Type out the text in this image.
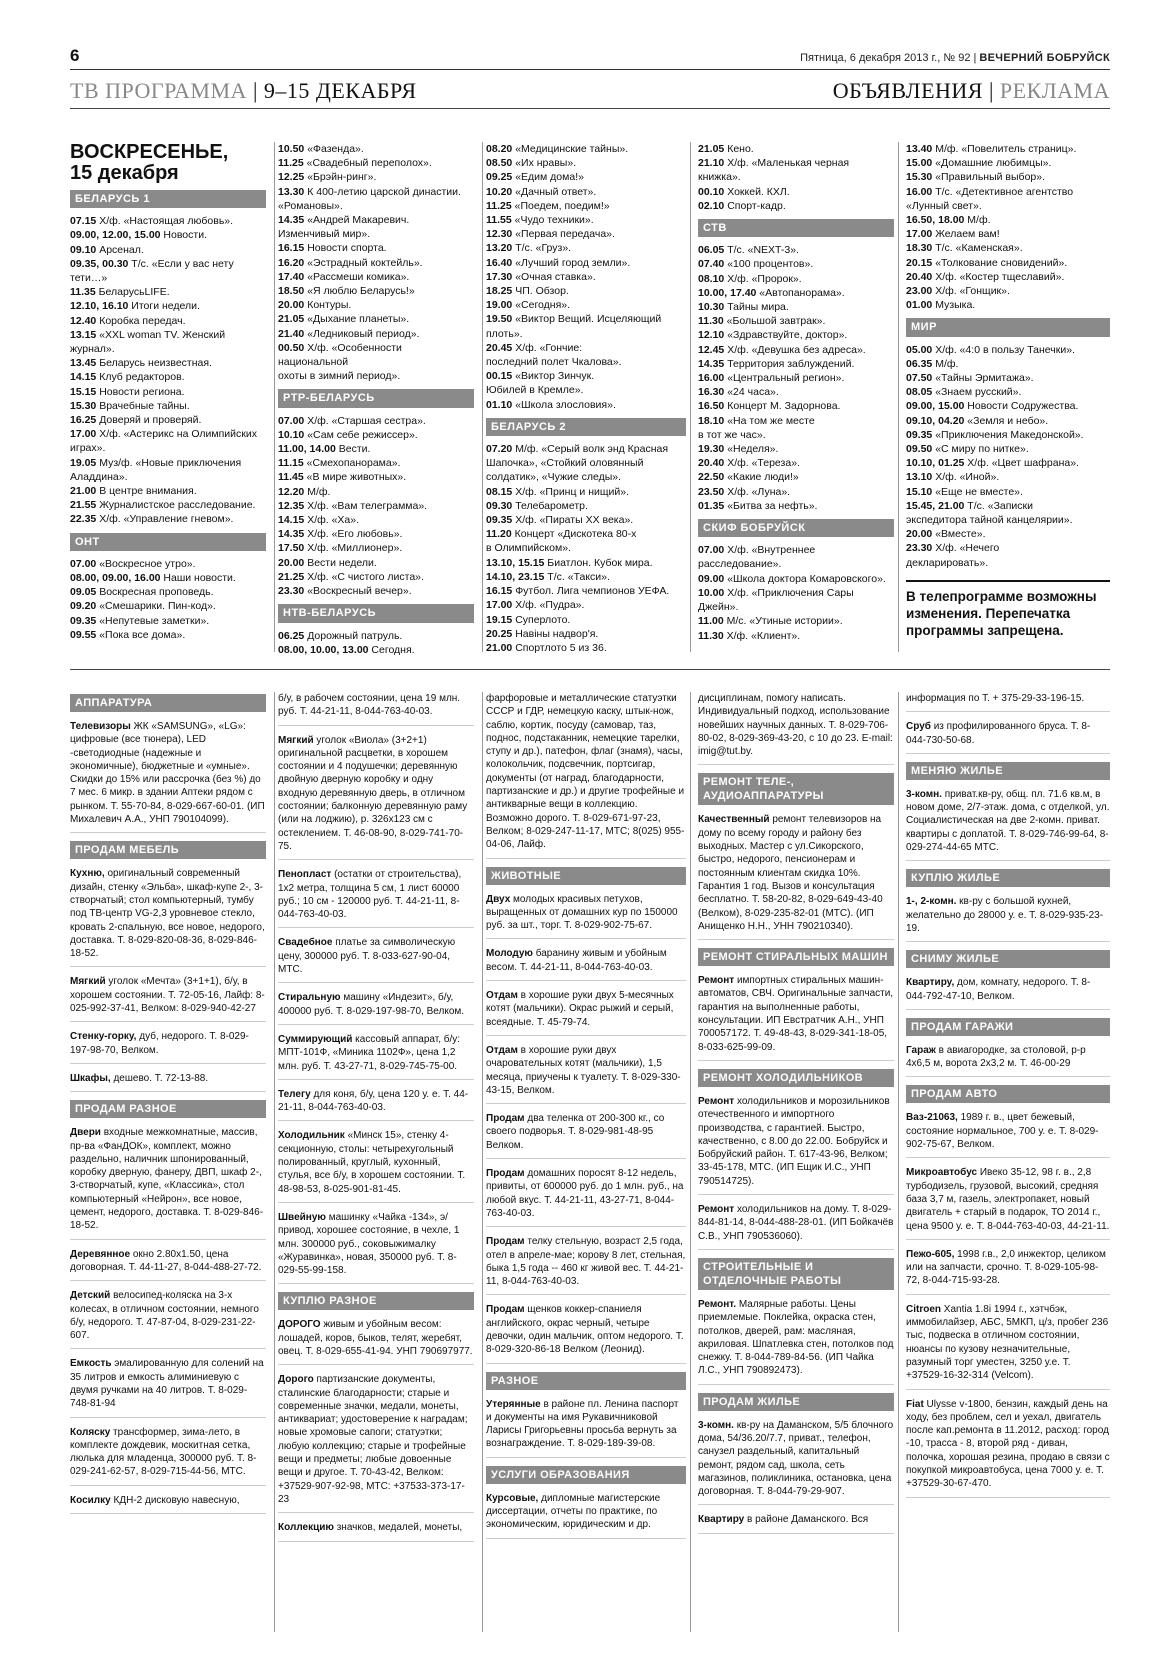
6	Пятница, 6 декабря 2013 г., № 92 | ВЕЧЕРНИЙ БОБРУЙСК
ТВ ПРОГРАММА | 9–15 ДЕКАБРЯ	ОБЪЯВЛЕНИЯ | РЕКЛАМА
ВОСКРЕСЕНЬЕ,
15 декабря
БЕЛАРУСЬ 1
07.15 Х/ф. «Настоящая любовь».
09.00, 12.00, 15.00 Новости.
09.10 Арсенал.
09.35, 00.30 Т/с. «Если у вас нету
тети…»
11.35 БеларусьLIFE.
12.10, 16.10 Итоги недели.
12.40 Коробка передач.
13.15 «XXL woman TV. Женский
журнал».
13.45 Беларусь неизвестная.
14.15 Клуб редакторов.
15.15 Новости региона.
15.30 Врачебные тайны.
16.25 Доверяй и проверяй.
17.00 Х/ф. «Астерикс на Олимпийских
играх».
19.05 Муз/ф. «Новые приключения
Аладдина».
21.00 В центре внимания.
21.55 Журналистское расследование.
22.35 Х/ф. «Управление гневом».
ОНТ
07.00 «Воскресное утро».
08.00, 09.00, 16.00 Наши новости.
09.05 Воскресная проповедь.
09.20 «Смешарики. Пин-код».
09.35 «Непутевые заметки».
09.55 «Пока все дома».
10.50 «Фазенда».
11.25 «Свадебный переполох».
12.25 «Брэйн-ринг».
13.30 К 400-летию царской династии.
«Романовы».
14.35 «Андрей Макаревич.
Изменчивый мир».
16.15 Новости спорта.
16.20 «Эстрадный коктейль».
17.40 «Рассмеши комика».
18.50 «Я люблю Беларусь!»
20.00 Контуры.
21.05 «Дыхание планеты».
21.40 «Ледниковый период».
00.50 Х/ф. «Особенности национальной
охоты в зимний период».
РТР-БЕЛАРУСЬ
07.00 Х/ф. «Старшая сестра».
10.10 «Сам себе режиссер».
11.00, 14.00 Вести.
11.15 «Смехопанорама».
11.45 «В мире животных».
12.20 М/ф.
12.35 Х/ф. «Вам телеграмма».
14.15 Х/ф. «Ха».
14.35 Х/ф. «Его любовь».
17.50 Х/ф. «Миллионер».
20.00 Вести недели.
21.25 Х/ф. «С чистого листа».
23.30 «Воскресный вечер».
НТВ-БЕЛАРУСЬ
06.25 Дорожный патруль.
08.00, 10.00, 13.00 Сегодня.
08.20 «Медицинские тайны».
08.50 «Их нравы».
09.25 «Едим дома!»
10.20 «Дачный ответ».
11.25 «Поедем, поедим!»
11.55 «Чудо техники».
12.30 «Первая передача».
13.20 Т/с. «Груз».
16.40 «Лучший город земли».
17.30 «Очная ставка».
18.25 ЧП. Обзор.
19.00 «Сегодня».
19.50 «Виктор Вещий. Исцеляющий
плоть».
20.45 Х/ф. «Гончие:
последний полет Чкалова».
00.15 «Виктор Зинчук.
Юбилей в Кремле».
01.10 «Школа злословия».
БЕЛАРУСЬ 2
07.20 М/ф. «Серый волк энд Красная
Шапочка», «Стойкий оловянный
солдатик», «Чужие следы».
08.15 Х/ф. «Принц и нищий».
09.30 Телебарометр.
09.35 Х/ф. «Пираты XX века».
11.20 Концерт «Дискотека 80-х
в Олимпийском».
13.10, 15.15 Биатлон. Кубок мира.
14.10, 23.15 Т/с. «Такси».
16.15 Футбол. Лига чемпионов УЕФА.
17.00 Х/ф. «Пудра».
19.15 Суперлото.
20.25 Навіны надвор'я.
21.00 Спортлото 5 из 36.
21.05 Кено.
21.10 Х/ф. «Маленькая черная
книжка».
00.10 Хоккей. КХЛ.
02.10 Спорт-кадр.
СТВ
06.05 Т/с. «NEXT-3».
07.40 «100 процентов».
08.10 Х/ф. «Пророк».
10.00, 17.40 «Автопанорама».
10.30 Тайны мира.
11.30 «Большой завтрак».
12.10 «Здравствуйте, доктор».
12.45 Х/ф. «Девушка без адреса».
14.35 Территория заблуждений.
16.00 «Центральный регион».
16.30 «24 часа».
16.50 Концерт М. Задорнова.
18.10 «На том же месте
в тот же час».
19.30 «Неделя».
20.40 Х/ф. «Тереза».
22.50 «Какие люди!»
23.50 Х/ф. «Луна».
01.35 «Битва за нефть».
СКИФ БОБРУЙСК
07.00 Х/ф. «Внутреннее
расследование».
09.00 «Школа доктора Комаровского».
10.00 Х/ф. «Приключения Сары
Джейн».
11.00 М/с. «Утиные истории».
11.30 Х/ф. «Клиент».
13.40 М/ф. «Повелитель страниц».
15.00 «Домашние любимцы».
15.30 «Правильный выбор».
16.00 Т/с. «Детективное агентство
«Лунный свет».
16.50, 18.00 М/ф.
17.00 Желаем вам!
18.30 Т/с. «Каменская».
20.15 «Толкование сновидений».
20.40 Х/ф. «Костер тщеславий».
23.00 Х/ф. «Гонщик».
01.00 Музыка.
МИР
05.00 Х/ф. «4:0 в пользу Танечки».
06.35 М/ф.
07.50 «Тайны Эрмитажа».
08.05 «Знаем русский».
09.00, 15.00 Новости Содружества.
09.10, 04.20 «Земля и небо».
09.35 «Приключения Македонской».
09.50 «С миру по нитке».
10.10, 01.25 Х/ф. «Цвет шафрана».
13.10 Х/ф. «Иной».
15.10 «Еще не вместе».
15.45, 21.00 Т/с. «Записки
экспедитора тайной канцелярии».
20.00 «Вместе».
23.30 Х/ф. «Нечего
декларировать».
В телепрограмме возможны изменения. Перепечатка программы запрещена.
АППАРАТУРА
Телевизоры ЖК «SAMSUNG», «LG»: цифровые (все тюнера), LED -светодиодные (надежные и экономичные), бюджетные и «умные». Скидки до 15% или рассрочка (без %) до 7 мес. 6 микр. в здании Аптеки рядом с рынком. Т. 55-70-84, 8-029-667-60-01. (ИП Михалевич А.А., УНП 790104099).
ПРОДАМ МЕБЕЛЬ
Кухню, оригинальный современный дизайн, стенку «Эльба», шкаф-купе 2-, 3-створчатый; стол компьютерный, тумбу под ТВ-центр VG-2,3 уровневое стекло, кровать 2-спальную, все новое, недорого, доставка. Т. 8-029-820-08-36, 8-029-846-18-52.
Мягкий уголок «Мечта» (3+1+1), б/у, в хорошем состоянии. Т. 72-05-16, Лайф: 8-025-992-37-41, Велком: 8-029-940-42-27
Стенку-горку, дуб, недорого. Т. 8-029-197-98-70, Велком.
Шкафы, дешево. Т. 72-13-88.
ПРОДАМ РАЗНОЕ
Двери входные межкомнатные, массив, пр-ва «ФанДОК», комплект, можно раздельно, наличник шпонированный, коробку дверную, фанеру, ДВП, шкаф 2-, 3-створчатый, купе, «Классика», стол компьютерный «Нейрон», все новое, цемент, недорого, доставка. Т. 8-029-846-18-52.
Деревянное окно 2.80х1.50, цена договорная. Т. 44-11-27, 8-044-488-27-72.
Детский велосипед-коляска на 3-х колесах, в отличном состоянии, немного б/у, недорого. Т. 47-87-04, 8-029-231-22-607.
Емкость эмалированную для солений на 35 литров и емкость алиминиевую с двумя ручками на 40 литров. Т. 8-029-748-81-94
Коляску трансформер, зима-лето, в комплекте дождевик, москитная сетка, люлька для младенца, 300000 руб. Т. 8-029-241-62-57, 8-029-715-44-56, МТС.
Косилку КДН-2 дисковую навесную,
б/у, в рабочем состоянии, цена 19 млн. руб. Т. 44-21-11, 8-044-763-40-03.
Мягкий уголок «Виола» (3+2+1) оригинальной расцветки, в хорошем состоянии и 4 подушечки; деревянную двойную дверную коробку и одну входную деревянную дверь, в отличном состоянии; балконную деревянную раму (или на лоджию), р. 326х123 см с остеклением. Т. 46-08-90, 8-029-741-70-75.
Пенопласт (остатки от строительства), 1х2 метра, толщина 5 см, 1 лист 60000 руб.; 10 см - 120000 руб. Т. 44-21-11, 8-044-763-40-03.
Свадебное платье за символическую цену, 300000 руб. Т. 8-033-627-90-04, МТС.
Стиральную машину «Индезит», б/у, 400000 руб. Т. 8-029-197-98-70, Велком.
Суммирующий кассовый аппарат, б/у: МПТ-101Ф, «Миника 1102Ф», цена 1,2 млн. руб. Т. 43-27-71, 8-029-745-75-00.
Телегу для коня, б/у, цена 120 у. е. Т. 44-21-11, 8-044-763-40-03.
Холодильник «Минск 15», стенку 4-секционную, столы: четырехугольный полированный, круглый, кухонный, стулья, все б/у, в хорошем состоянии. Т. 48-98-53, 8-025-901-81-45.
Швейную машинку «Чайка -134», э/привод, хорошее состояние, в чехле, 1 млн. 300000 руб., соковыжималку «Журавинка», новая, 350000 руб. Т. 8-029-55-99-158.
КУПЛЮ РАЗНОЕ
ДОРОГО живым и убойным весом: лошадей, коров, быков, телят, жеребят, овец. Т. 8-029-655-41-94. УНП 790697977.
Дорого партизанские документы, сталинские благодарности; старые и современные значки, медали, монеты, антиквариат; удостоверение к наградам; новые хромовые сапоги; статуэтки; любую коллекцию; старые и трофейные вещи и предметы; любые довоенные вещи и другое. Т. 70-43-42, Велком: +37529-907-92-98, МТС: +37533-373-17-23
Коллекцию значков, медалей, монеты,
фарфоровые и металлические статуэтки СССР и ГДР, немецкую каску, штык-нож, саблю, кортик, посуду (самовар, таз, поднос, подстаканник, немецкие тарелки, ступу и др.), патефон, флаг (знамя), часы, колокольчик, подсвечник, портсигар, документы (от наград, благодарности, партизанские и др.) и другие трофейные и антикварные вещи в коллекцию. Возможно дорого. Т. 8-029-671-97-23, Велком; 8-029-247-11-17, МТС; 8(025) 955-04-06, Лайф.
ЖИВОТНЫЕ
Двух молодых красивых петухов, выращенных от домашних кур по 150000 руб. за шт., торг. Т. 8-029-902-75-67.
Молодую баранину живым и убойным весом. Т. 44-21-11, 8-044-763-40-03.
Отдам в хорошие руки двух 5-месячных котят (мальчики). Окрас рыжий и серый, всеядные. Т. 45-79-74.
Отдам в хорошие руки двух очаровательных котят (мальчики), 1,5 месяца, приучены к туалету. Т. 8-029-330-43-15, Велком.
Продам два теленка от 200-300 кг., со своего подворья. Т. 8-029-981-48-95 Велком.
Продам домашних поросят 8-12 недель, привиты, от 600000 руб. до 1 млн. руб., на любой вкус. Т. 44-21-11, 43-27-71, 8-044-763-40-03.
Продам телку стельную, возраст 2,5 года, отел в апреле-мае; корову 8 лет, стельная, быка 1,5 года -- 460 кг живой вес. Т. 44-21-11, 8-044-763-40-03.
Продам щенков коккер-спаниеля английского, окрас черный, четыре девочки, один мальчик, оптом недорого. Т. 8-029-320-86-18 Велком (Леонид).
РАЗНОЕ
Утерянные в районе пл. Ленина паспорт и документы на имя Рукавичниковой Ларисы Григорьевны просьба вернуть за вознаграждение. Т. 8-029-189-39-08.
УСЛУГИ ОБРАЗОВАНИЯ
Курсовые, дипломные магистерские диссертации, отчеты по практике, по экономическим, юридическим и др.
дисциплинам, помогу написать. Индивидуальный подход, использование новейших научных данных. Т. 8-029-706-80-02, 8-029-369-43-20, с 10 до 23. E-mail: imig@tut.by.
РЕМОНТ ТЕЛЕ-, АУДИОАППАРАТУРЫ
Качественный ремонт телевизоров на дому по всему городу и району без выходных. Мастер с ул.Сикорского, быстро, недорого, пенсионерам и постоянным клиентам скидка 10%. Гарантия 1 год. Вызов и консультация бесплатно. Т. 58-20-82, 8-029-649-43-40 (Велком), 8-029-235-82-01 (МТС). (ИП Анищенко Н.Н., УНН 790210340).
РЕМОНТ СТИРАЛЬНЫХ МАШИН
Ремонт импортных стиральных машин-автоматов, СВЧ. Оригинальные запчасти, гарантия на выполненные работы, консультации. ИП Евстратчик А.Н., УНП 700057172. Т. 49-48-43, 8-029-341-18-05, 8-033-625-99-09.
РЕМОНТ ХОЛОДИЛЬНИКОВ
Ремонт холодильников и морозильников отечественного и импортного производства, с гарантией. Быстро, качественно, с 8.00 до 22.00. Бобруйск и Бобруйский район. Т. 617-43-96, Велком; 33-45-178, МТС. (ИП Ещик И.С., УНП 790514725).
Ремонт холодильников на дому. Т. 8-029-844-81-14, 8-044-488-28-01. (ИП Бойкачёв С.В., УНП 790536060).
СТРОИТЕЛЬНЫЕ И ОТДЕЛОЧНЫЕ РАБОТЫ
Ремонт. Малярные работы. Цены приемлемые. Поклейка, окраска стен, потолков, дверей, рам: масляная, акриловая. Шпатлевка стен, потолков под снежку. Т. 8-044-789-84-56. (ИП Чайка Л.С., УНП 790892473).
ПРОДАМ ЖИЛЬЕ
3-комн. кв-ру на Даманском, 5/5 блочного дома, 54/36.20/7.7, приват., телефон, санузел раздельный, капитальный ремонт, рядом сад, школа, сеть магазинов, поликлиника, остановка, цена договорная. Т. 8-044-79-29-907.
Квартиру в районе Даманского. Вся
информация по Т. + 375-29-33-196-15.
Сруб из профилированного бруса. Т. 8-044-730-50-68.
МЕНЯЮ ЖИЛЬЕ
3-комн. приват.кв-ру, общ. пл. 71.6 кв.м, в новом доме, 2/7-этаж. дома, с отделкой, ул. Социалистическая на две 2-комн. приват. квартиры с доплатой. Т. 8-029-746-99-64, 8-029-274-44-65 МТС.
КУПЛЮ ЖИЛЬЕ
1-, 2-комн. кв-ру с большой кухней, желательно до 28000 у. е. Т. 8-029-935-23-19.
СНИМУ ЖИЛЬЕ
Квартиру, дом, комнату, недорого. Т. 8-044-792-47-10, Велком.
ПРОДАМ ГАРАЖИ
Гараж в авиагородке, за столовой, р-р 4х6,5 м, ворота 2х3,2 м. Т. 46-00-29
ПРОДАМ АВТО
Ваз-21063, 1989 г. в., цвет бежевый, состояние нормальное, 700 у. е. Т. 8-029-902-75-67, Велком.
Микроавтобус Ивеко 35-12, 98 г. в., 2,8 турбодизель, грузовой, высокий, средняя база 3,7 м, газель, электропакет, новый двигатель + старый в подарок, ТО 2014 г., цена 9500 у. е. Т. 8-044-763-40-03, 44-21-11.
Пежо-605, 1998 г.в., 2,0 инжектор, целиком или на запчасти, срочно. Т. 8-029-105-98-72, 8-044-715-93-28.
Citroen Xantia 1.8i 1994 г., хэтчбэк, иммобилайзер, АБС, 5МКП, ц/з, пробег 236 тыс, подвеска в отличном состоянии, нюансы по кузову незначительные, разумный торг уместен, 3250 у.е. Т. +37529-16-32-314 (Velcom).
Fiat Ulysse v-1800, бензин, каждый день на ходу, без проблем, сел и уехал, двигатель после кап.ремонта в 11.2012, расход: город -10, трасса - 8, второй ряд - диван, полочка, хорошая резина, продаю в связи с покупкой микроавтобуса, цена 7000 у. е. Т. +37529-30-67-470.
